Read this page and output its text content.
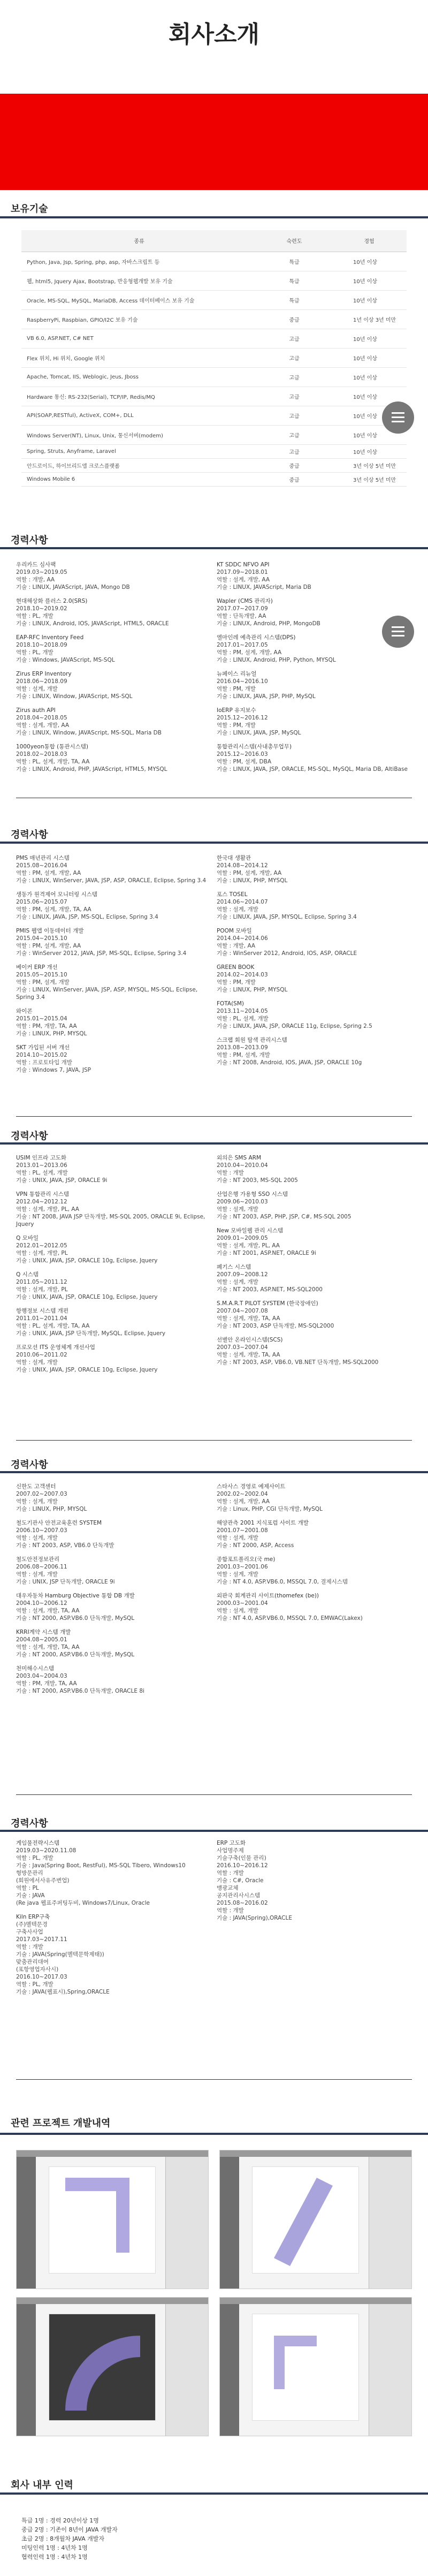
회사소개
보유기술
종류	숙련도	경험
Python, Java, Jsp, Spring, php, asp, 자바스크립트 등	특급	10년 이상
웹, html5, Jquery Ajax, Bootstrap, 반응형웹개발 보유 기술	특급	10년 이상
Oracle, MS-SQL, MySQL, MariaDB, Access 데이터베이스 보유 기술	특급	10년 이상
RaspberryPi, Raspbian, GPIO/I2C 보유 기술	중급	1년 이상 3년 미만
VB 6.0, ASP.NET, C# NET	고급	10년 이상
Flex 위치, Hi 위치, Google 위치	고급	10년 이상
Apache, Tomcat, IIS, Weblogic, Jeus, Jboss	고급	10년 이상
Hardware 통신: RS-232(Serial), TCP/IP, Redis/MQ	고급	10년 이상
API(SOAP,RESTful), ActiveX, COM+, DLL	고급	10년 이상
Windows Server(NT), Linux, Unix, 통신서버(modem)	고급	10년 이상
Spring, Struts, Anyframe, Laravel	고급	10년 이상
안드로이드, 하이브리드앱 크로스플랫폼	중급	3년 이상 5년 미만
Windows Mobile 6	중급	3년 이상 5년 미만
경력사항
우리카드 심사팩
2019.03~2019.05
역할 : 개발, AA
기술 : LINUX, JAVAScript, JAVA, Mongo DB
현대해상화 플러스 2.0(SRS)
2018.10~2019.02
역할 : PL, 개발
기술 : LINUX, Android, IOS, JAVAScript, HTML5, ORACLE
EAP-RFC Inventory Feed
2018.10~2018.09
역할 : PL, 개발
기술 : Windows, JAVAScript, MS-SQL
Zirus ERP Inventory
2018.06~2018.09
역할 : 설계, 개발
기술 : LINUX, Window, JAVAScript, MS-SQL
Zirus auth API
2018.04~2018.05
역할 : 설계, 개발, AA
기술 : LINUX, Window, JAVAScript, MS-SQL, Maria DB
1000yeon통합 (통관시스템)
2018.02~2018.03
역할 : PL, 설계, 개발, TA, AA
기술 : LINUX, Android, PHP, JAVAScript, HTML5, MYSQL
KT SDDC NFVO API
2017.09~2018.01
역할 : 설계, 개발, AA
기술 : LINUX, JAVAScript, Maria DB
Wapler (CMS 관리자)
2017.07~2017.09
역할 : 단독개발, AA
기술 : LINUX, Android, PHP, MongoDB
엘마인레 예측관리 시스템(DPS)
2017.01~2017.05
역할 : PM, 설계, 개발, AA
기술 : LINUX, Android, PHP, Python, MYSQL
뉴페이스 리뉴얼
2016.04~2016.10
역할 : PM, 개발
기술 : LINUX, JAVA, JSP, PHP, MySQL
IoERP 유지보수
2015.12~2016.12
역할 : PM, 개발
기술 : LINUX, JAVA, JSP, MySQL
통합관리시스템(사내총무업무)
2015.12~2016.03
역할 : PM, 설계, DBA
기술 : LINUX, JAVA, JSP, ORACLE, MS-SQL, MySQL, Maria DB, AltiBase
경력사항
PMS 매년관리 시스템
2015.08~2016.04
역할 : PM, 설계, 개발, AA
기술 : LINUX, WinServer, JAVA, JSP, ASP, ORACLE, Eclipse, Spring 3.4
생동가 원격제어 모니터링 시스템
2015.06~2015.07
역할 : PM, 설계, 개발, TA, AA
기술 : LINUX, JAVA, JSP, MS-SQL, Eclipse, Spring 3.4
PMIS 웹앱 이동데이터 개발
2015.04~2015.10
역할 : PM, 설계, 개발, AA
기술 : WinServer 2012, JAVA, JSP, MS-SQL, Eclipse, Spring 3.4
베이커 ERP 개선
2015.05~2015.10
역할 : PM, 설계, 개발
기술 : LINUX, WinServer, JAVA, JSP, ASP, MYSQL, MS-SQL, Eclipse, Spring 3.4
와이콘
2015.01~2015.04
역할 : PM, 개발, TA, AA
기술 : LINUX, PHP, MYSQL
SKT 가입된 서버 개선
2014.10~2015.02
역할 : 프로토타입 개발
기술 : Windows 7, JAVA, JSP
한국대 생활관
2014.08~2014.12
역할 : PM, 설계, 개발, AA
기술 : LINUX, PHP, MYSQL
포스 TOSEL
2014.06~2014.07
역할 : 설계, 개발
기술 : LINUX, JAVA, JSP, MYSQL, Eclipse, Spring 3.4
POOM 모바일
2014.04~2014.06
역할 : 개발, AA
기술 : WinServer 2012, Android, IOS, ASP, ORACLE
GREEN BOOK
2014.02~2014.03
역할 : PM, 개발
기술 : LINUX, PHP, MYSQL
FOTA(SM)
2013.11~2014.05
역할 : PL, 설계, 개발
기술 : LINUX, JAVA, JSP, ORACLE 11g, Eclipse, Spring 2.5
스크랩 회원 탐색 관리시스템
2013.08~2013.09
역할 : PM, 설계, 개발
기술 : NT 2008, Android, IOS, JAVA, JSP, ORACLE 10g
경력사항
USIM 인프라 고도화
2013.01~2013.06
역할 : PL, 설계, 개발
기술 : UNIX, JAVA, JSP, ORACLE 9i
VPN 통합관리 시스템
2012.04~2012.12
역할 : 설계, 개발, PL, AA
기술 : NT 2008, JAVA JSP 단독개발, MS-SQL 2005, ORACLE 9i, Eclipse, Jquery
Q 모바일
2012.01~2012.05
역할 : 설계, 개발, PL
기술 : UNIX, JAVA, JSP, ORACLE 10g, Eclipse, Jquery
Q 시스템
2011.05~2011.12
역할 : 설계, 개발, PL
기술 : UNIX, JAVA, JSP, ORACLE 10g, Eclipse, Jquery
항행정보 시스템 개편
2011.01~2011.04
역할 : PL, 설계, 개발, TA, AA
기술 : UNIX, JAVA, JSP 단독개발, MySQL, Eclipse, Jquery
프로모션 ITS 운영체계 개선사업
2010.06~2011.02
역할 : 설계, 개발
기술 : UNIX, JAVA, JSP, ORACLE 10g, Eclipse, Jquery
외의은 SMS ARM
2010.04~2010.04
역할 : 개발
기술 : NT 2003, MS-SQL 2005
산업은행 가용형 SSO 시스템
2009.06~2010.03
역할 : 설계, 개발
기술 : NT 2003, ASP, PHP, JSP, C#, MS-SQL 2005
New 모바일웹 관리 시스템
2009.01~2009.05
역할 : 설계, 개발, PL, AA
기술 : NT 2001, ASP.NET, ORACLE 9i
폐기스 시스템
2007.09~2008.12
역할 : 설계, 개발
기술 : NT 2003, ASP.NET, MS-SQL2000
S.M.A.R.T PILOT SYSTEM (한국장애인)
2007.04~2007.08
역할 : 설계, 개발, TA, AA
기술 : NT 2003, ASP 단독개발, MS-SQL2000
선별안 온라인시스템(SCS)
2007.03~2007.04
역할 : 설계, 개발, TA, AA
기술 : NT 2003, ASP, VB6.0, VB.NET 단독개발, MS-SQL2000
경력사항
신한도 고객센터
2007.02~2007.03
역할 : 설계, 개발
기술 : LINUX, PHP, MYSQL
철도기관사 안전교육훈련 SYSTEM
2006.10~2007.03
역할 : 설계, 개발
기술 : NT 2003, ASP, VB6.0 단독개발
철도안전정보관리
2006.08~2006.11
역할 : 설계, 개발
기술 : UNIX, JSP 단독개발, ORACLE 9i
대우자동차 Hamburg Objective 통합 DB 개발
2004.10~2006.12
역할 : 설계, 개발, TA, AA
기술 : NT 2000, ASP.VB6.0 단독개발, MySQL
KRRI계약 시스템 개발
2004.08~2005.01
역할 : 설계, 개발, TA, AA
기술 : NT 2000, ASP.VB6.0 단독개발, MySQL
천미해수시스템
2003.04~2004.03
역할 : PM, 개발, TA, AA
기술 : NT 2000, ASP.VB6.0 단독개발, ORACLE 8i
스타사스 경영로 예제사이트
2002.02~2002.04
역할 : 설계, 개발, AA
기술 : Linux, PHP, CGI 단독개발, MySQL
해양관측 2001 지식포럼 사이트 개발
2001.07~2001.08
역할 : 설계, 개발
기술 : NT 2000, ASP, Access
종합포트폴리오(국 me)
2001.03~2001.06
역할 : 설계, 개발
기술 : NT 4.0, ASP.VB6.0, MSSQL 7.0, 결제시스템
외판국 회계관리 사이트(thomefex (be))
2000.03~2001.04
역할 : 설계, 개발
기술 : NT 4.0, ASP.VB6.0, MSSQL 7.0, EMWAC(Lakex)
경력사항
게임물전략시스템
2019.03~2020.11.08
역할 : PL, 개발
기술 : Java(Spring Boot, RestFul), MS-SQL Tibero, Windows10
형방문관리
(회원에서사유주변업)
역할 : PL
기술 : JAVA
(Re java 웹표주퍼팅두비, Windows7/Linux, Oracle
Kiln ERP구축
(주)멜텍문경
구축사사업
2017.03~2017.11
역할 : 개발
기술 : JAVA(Spring(멜텍문학제태))
맞춤관리대여
(포항영업자사시)
2016.10~2017.03
역할 : PL, 개발
기술 : JAVA(웹표시),Spring,ORACLE
ERP 고도화
사업명주제
기술구축(인물 관리)
2016.10~2016.12
역할 : 개발
기술 : C#, Oracle
맹광교체
공지관리사시스템
2015.08~2016.02
역할 : 개발
기술 : JAVA(Spring),ORACLE
관련 프로젝트 개발내역
회사 내부 인력
특급 1명 : 경력 20년이상 1명
중급 2명 : 기존이 8년이 JAVA 개발자
초급 2명 : 8개월차 JAVA 개발자
미팅인력 1명 : 4년차 1명
협력인력 1명 : 4년차 1명
